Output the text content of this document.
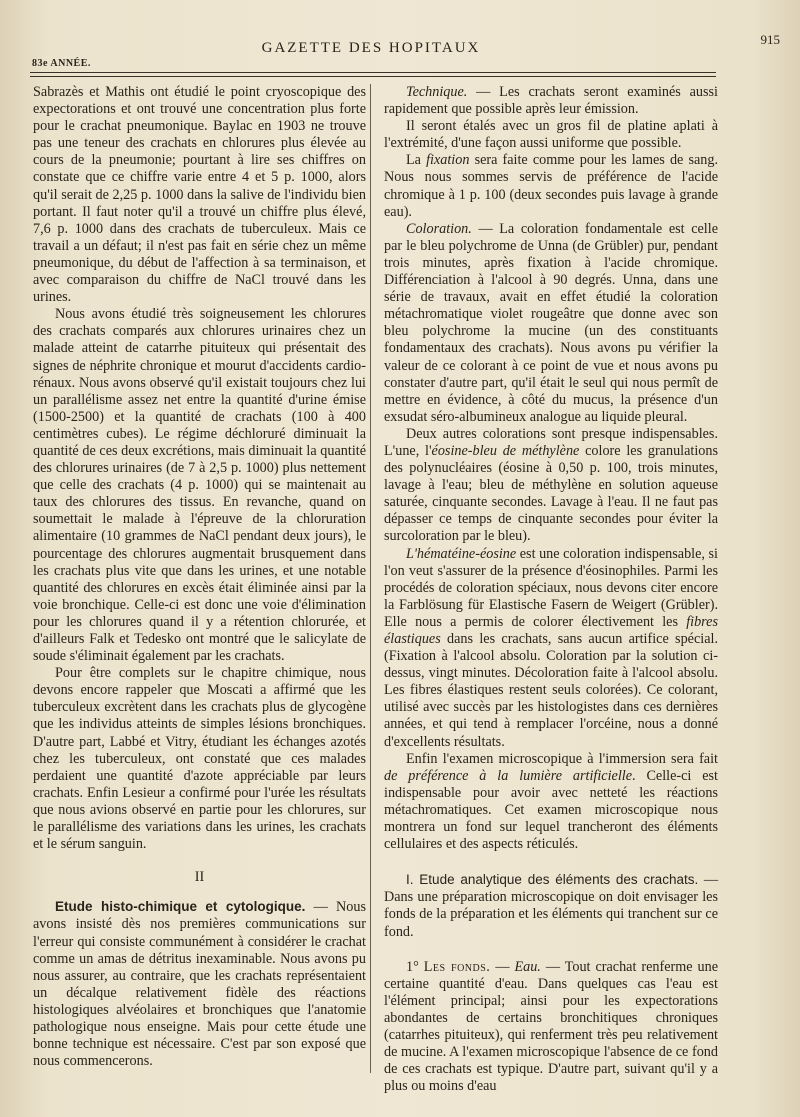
83e ANNÉE.
GAZETTE DES HOPITAUX
915

Sabrazès et Mathis ont étudié le point cryoscopique des expectorations et ont trouvé une concentration plus forte pour le crachat pneumonique. Baylac en 1903 ne trouve pas une teneur des crachats en chlorures plus élevée au cours de la pneumonie; pourtant à lire ses chiffres on constate que ce chiffre varie entre 4 et 5 p. 1000, alors qu'il serait de 2,25 p. 1000 dans la salive de l'individu bien portant. Il faut noter qu'il a trouvé un chiffre plus élevé, 7,6 p. 1000 dans des crachats de tuberculeux. Mais ce travail a un défaut; il n'est pas fait en série chez un même pneumonique, du début de l'affection à sa terminaison, et avec comparaison du chiffre de NaCl trouvé dans les urines.

Nous avons étudié très soigneusement les chlorures des crachats comparés aux chlorures urinaires chez un malade atteint de catarrhe pituiteux qui présentait des signes de néphrite chronique et mourut d'accidents cardio-rénaux. Nous avons observé qu'il existait toujours chez lui un parallélisme assez net entre la quantité d'urine émise (1500-2500) et la quantité de crachats (100 à 400 centimètres cubes). Le régime déchloruré diminuait la quantité de ces deux excrétions, mais diminuait la quantité des chlorures urinaires (de 7 à 2,5 p. 1000) plus nettement que celle des crachats (4 p. 1000) qui se maintenait au taux des chlorures des tissus. En revanche, quand on soumettait le malade à l'épreuve de la chloruration alimentaire (10 grammes de NaCl pendant deux jours), le pourcentage des chlorures augmentait brusquement dans les crachats plus vite que dans les urines, et une notable quantité des chlorures en excès était éliminée ainsi par la voie bronchique. Celle-ci est donc une voie d'élimination pour les chlorures quand il y a rétention chlorurée, et d'ailleurs Falk et Tedesko ont montré que le salicylate de soude s'éliminait également par les crachats.

Pour être complets sur le chapitre chimique, nous devons encore rappeler que Moscati a affirmé que les tuberculeux excrètent dans les crachats plus de glycogène que les individus atteints de simples lésions bronchiques. D'autre part, Labbé et Vitry, étudiant les échanges azotés chez les tuberculeux, ont constaté que ces malades perdaient une quantité d'azote appréciable par leurs crachats. Enfin Lesieur a confirmé pour l'urée les résultats que nous avions observé en partie pour les chlorures, sur le parallélisme des variations dans les urines, les crachats et le sérum sanguin.

II

Etude histo-chimique et cytologique. — Nous avons insisté dès nos premières communications sur l'erreur qui consiste communément à considérer le crachat comme un amas de détritus inexaminable. Nous avons pu nous assurer, au contraire, que les crachats représentaient un décalque relativement fidèle des réactions histologiques alvéolaires et bronchiques que l'anatomie pathologique nous enseigne. Mais pour cette étude une bonne technique est nécessaire. C'est par son exposé que nous commencerons.

Technique. — Les crachats seront examinés aussi rapidement que possible après leur émission.

Il seront étalés avec un gros fil de platine aplati à l'extrémité, d'une façon aussi uniforme que possible.

La fixation sera faite comme pour les lames de sang. Nous nous sommes servis de préférence de l'acide chromique à 1 p. 100 (deux secondes puis lavage à grande eau).

Coloration. — La coloration fondamentale est celle par le bleu polychrome de Unna (de Grübler) pur, pendant trois minutes, après fixation à l'acide chromique. Différenciation à l'alcool à 90 degrés. Unna, dans une série de travaux, avait en effet étudié la coloration métachromatique violet rougeâtre que donne avec son bleu polychrome la mucine (un des constituants fondamentaux des crachats). Nous avons pu vérifier la valeur de ce colorant à ce point de vue et nous avons pu constater d'autre part, qu'il était le seul qui nous permît de mettre en évidence, à côté du mucus, la présence d'un exsudat séro-albumineux analogue au liquide pleural.

Deux autres colorations sont presque indispensables. L'une, l'éosine-bleu de méthylène colore les granulations des polynucléaires (éosine à 0,50 p. 100, trois minutes, lavage à l'eau; bleu de méthylène en solution aqueuse saturée, cinquante secondes. Lavage à l'eau. Il ne faut pas dépasser ce temps de cinquante secondes pour éviter la surcoloration par le bleu).

L'hématéine-éosine est une coloration indispensable, si l'on veut s'assurer de la présence d'éosinophiles. Parmi les procédés de coloration spéciaux, nous devons citer encore la Farblösung für Elastische Fasern de Weigert (Grübler). Elle nous a permis de colorer électivement les fibres élastiques dans les crachats, sans aucun artifice spécial. (Fixation à l'alcool absolu. Coloration par la solution ci-dessus, vingt minutes. Décoloration faite à l'alcool absolu. Les fibres élastiques restent seuls colorées). Ce colorant, utilisé avec succès par les histologistes dans ces dernières années, et qui tend à remplacer l'orcéine, nous a donné d'excellents résultats.

Enfin l'examen microscopique à l'immersion sera fait de préférence à la lumière artificielle. Celle-ci est indispensable pour avoir avec netteté les réactions métachromatiques. Cet examen microscopique nous montrera un fond sur lequel trancheront des éléments cellulaires et des aspects réticulés.

I. Etude analytique des éléments des crachats. — Dans une préparation microscopique on doit envisager les fonds de la préparation et les éléments qui tranchent sur ce fond.

1° Les fonds. — Eau. — Tout crachat renferme une certaine quantité d'eau. Dans quelques cas l'eau est l'élément principal; ainsi pour les expectorations abondantes de certains bronchitiques chroniques (catarrhes pituiteux), qui renferment très peu relativement de mucine. A l'examen microscopique l'absence de ce fond de ces crachats est typique. D'autre part, suivant qu'il y a plus ou moins d'eau
